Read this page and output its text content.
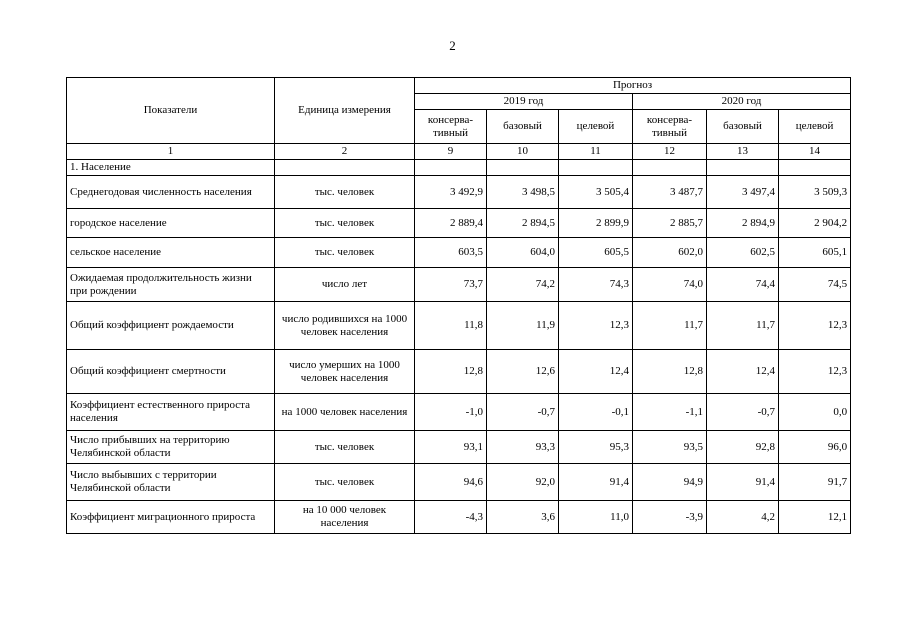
2
Показатели	Единица измерения	Прогноз					
		2019 год			2020 год		
		консерва-тивный	базовый	целевой	консерва-тивный	базовый	целевой
1	2	9	10	11	12	13	14
1. Население							
Среднегодовая численность населения	тыс. человек	3 492,9	3 498,5	3 505,4	3 487,7	3 497,4	3 509,3
городское население	тыс. человек	2 889,4	2 894,5	2 899,9	2 885,7	2 894,9	2 904,2
сельское население	тыс. человек	603,5	604,0	605,5	602,0	602,5	605,1
Ожидаемая продолжительность жизни при рождении	число лет	73,7	74,2	74,3	74,0	74,4	74,5
Общий коэффициент рождаемости	число родившихся на 1000 человек населения	11,8	11,9	12,3	11,7	11,7	12,3
Общий коэффициент смертности	число умерших на 1000 человек населения	12,8	12,6	12,4	12,8	12,4	12,3
Коэффициент естественного прироста населения	на 1000 человек населения	-1,0	-0,7	-0,1	-1,1	-0,7	0,0
Число прибывших на территорию Челябинской области	тыс. человек	93,1	93,3	95,3	93,5	92,8	96,0
Число выбывших с территории Челябинской области	тыс. человек	94,6	92,0	91,4	94,9	91,4	91,7
Коэффициент миграционного прироста	на 10 000 человек населения	-4,3	3,6	11,0	-3,9	4,2	12,1
